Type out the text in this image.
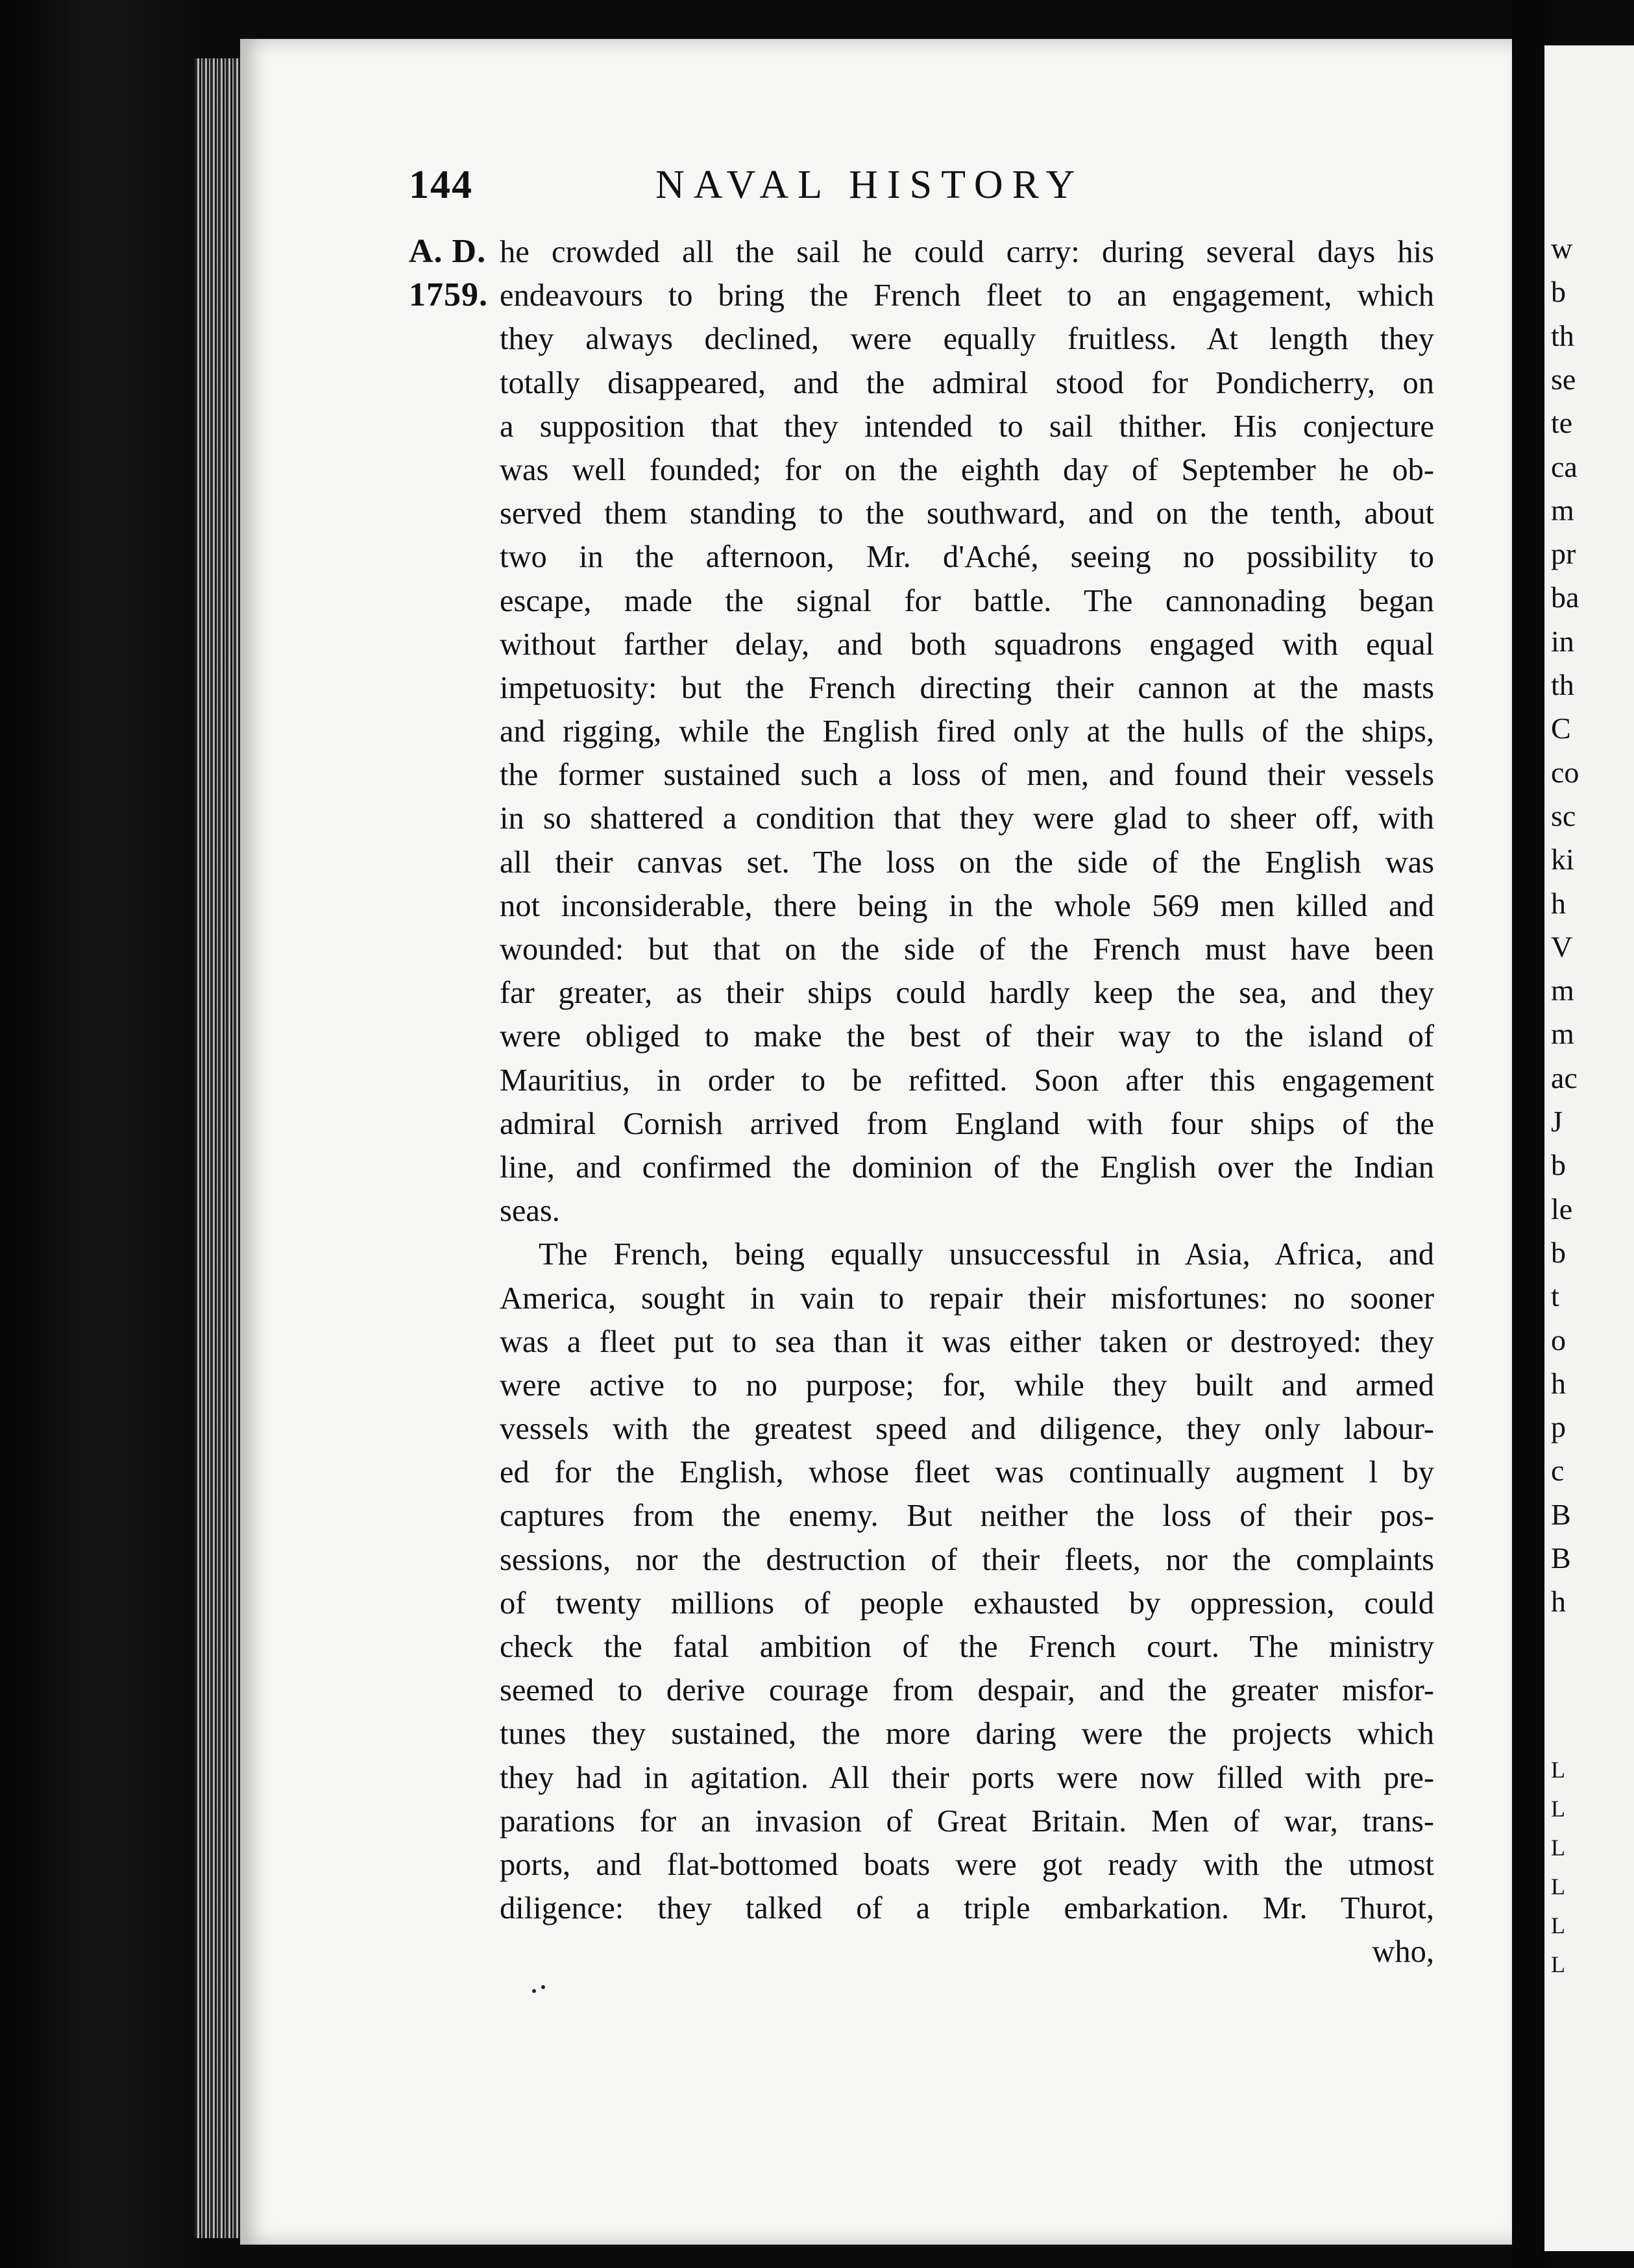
144	NAVAL HISTORY
A. D.
1759.
he crowded all the sail he could carry: during several days his
endeavours to bring the French fleet to an engagement, which
they always declined, were equally fruitless. At length they
totally disappeared, and the admiral stood for Pondicherry, on
a supposition that they intended to sail thither. His conjecture
was well founded; for on the eighth day of September he ob-
served them standing to the southward, and on the tenth, about
two in the afternoon, Mr. d'Aché, seeing no possibility to
escape, made the signal for battle. The cannonading began
without farther delay, and both squadrons engaged with equal
impetuosity: but the French directing their cannon at the masts
and rigging, while the English fired only at the hulls of the ships,
the former sustained such a loss of men, and found their vessels
in so shattered a condition that they were glad to sheer off, with
all their canvas set. The loss on the side of the English was
not inconsiderable, there being in the whole 569 men killed and
wounded: but that on the side of the French must have been
far greater, as their ships could hardly keep the sea, and they
were obliged to make the best of their way to the island of
Mauritius, in order to be refitted. Soon after this engagement
admiral Cornish arrived from England with four ships of the
line, and confirmed the dominion of the English over the Indian
seas.
The French, being equally unsuccessful in Asia, Africa, and
America, sought in vain to repair their misfortunes: no sooner
was a fleet put to sea than it was either taken or destroyed: they
were active to no purpose; for, while they built and armed
vessels with the greatest speed and diligence, they only labour-
ed for the English, whose fleet was continually augment l by
captures from the enemy. But neither the loss of their pos-
sessions, nor the destruction of their fleets, nor the complaints
of twenty millions of people exhausted by oppression, could
check the fatal ambition of the French court. The ministry
seemed to derive courage from despair, and the greater misfor-
tunes they sustained, the more daring were the projects which
they had in agitation. All their ports were now filled with pre-
parations for an invasion of Great Britain. Men of war, trans-
ports, and flat-bottomed boats were got ready with the utmost
diligence: they talked of a triple embarkation. Mr. Thurot,
who,
w
b
th
se
te
ca
m
pr
ba
in
th
C
co
sc
ki
h
V
m
m
ac
J
b
le
b
t
o
h
p
c
B
B
h
L
L
L
L
L
L
